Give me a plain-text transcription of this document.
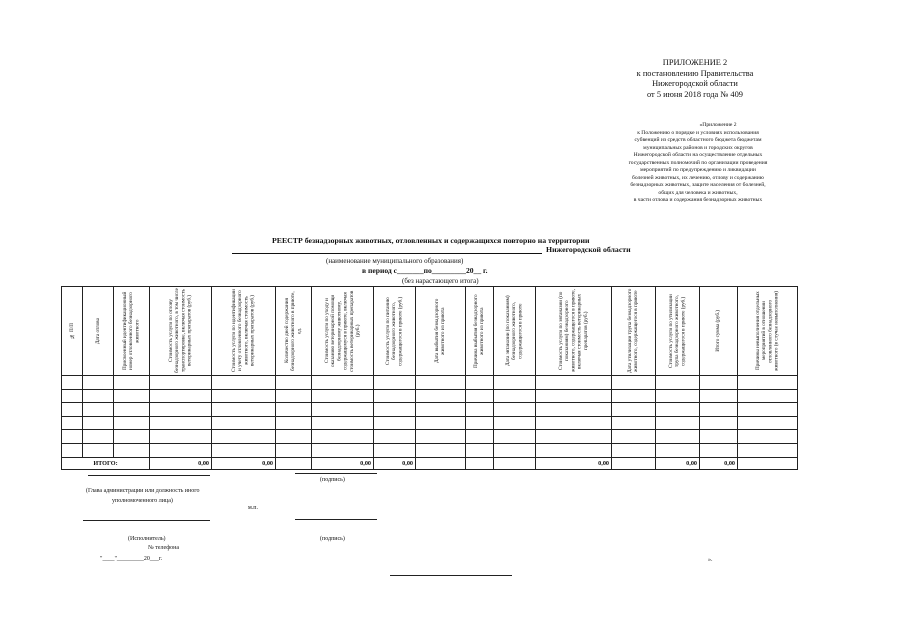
ПРИЛОЖЕНИЕ 2
к постановлению Правительства
Нижегородской области
от 5 июня 2018 года № 409
«Приложение 2
к Положению о порядке и условиях использования
субвенций из средств областного бюджета бюджетам
муниципальных районов и городских округов
Нижегородской области на осуществление отдельных
государственных полномочий по организации проведения
мероприятий по предупреждению и ликвидации
болезней животных, их лечению, отлову и содержанию
безнадзорных животных, защите населения от болезней,
общих для человека и животных,
в части отлова и содержания безнадзорных животных
РЕЕСТР безнадзорных животных, отловленных и содержащихся повторно на территории
Нижегородской области
(наименование муниципального образования)
в период с_______по_________20__ г.
(без нарастающего итога)
№ П/П	Дата отлова	Присвоенный идентификационный номер отловленного безнадзорного животного	Стоимость услуги по отлову безнадзорного животного, в том числе транспортировке, включая стоимость ветеринарных препаратов (руб.)	Стоимость услуги по идентификации и учету отловленного безнадзорного животного, включая стоимость ветеринарных препаратов (руб.)	Количество дней содержания безнадзорного животного в приюте, ед.	Стоимость услуги по уходу и оказанию ветеринарной помощи безнадзорному животному, содержащемуся в приюте, включая стоимость ветеринарных препаратов (руб.)	Стоимость услуги по питанию безнадзорного животного, содержащегося в приюте (руб.)	Дата выбытия безнадзорного животного из приюта	Причина выбытия безнадзорного животного из приюта	Дата эвтаназии (по показаниям) безнадзорного животного, содержащегося в приюте	Стоимость услуги по эвтаназии (по показаниям) безнадзорного животного, содержащегося в приюте, включая стоимость ветеринарных препаратов (руб.)	Дата утилизации трупа безнадзорного животного, содержащегося в приюте	Стоимость услуги по утилизации трупа безнадзорного животного, содержащегося в приюте (руб.)	Итого сумма (руб.)	Причины невыполнения отдельных мероприятий в отношении отловленного безнадзорного животного (в случае невыполнения)

ИТОГО:			0,00	0,00		0,00	0,00				0,00		0,00	0,00	
(подпись)
(Глава администрации или должность иного
уполномоченного лица)
м.п.
(Исполнитель)	(подпись)
№ телефона
"____"_________20___г.	».
